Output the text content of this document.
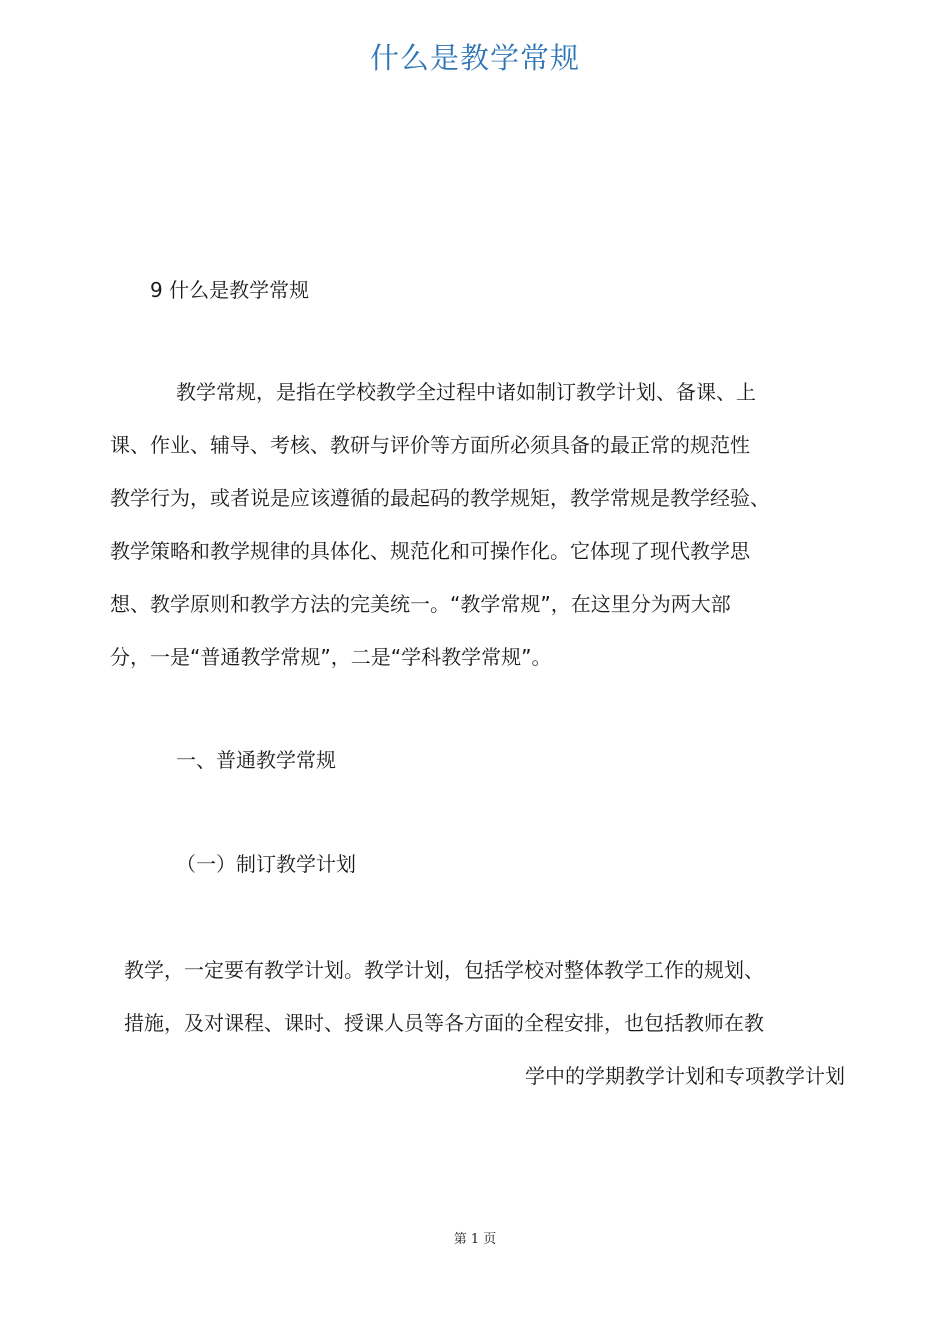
什么是教学常规

9 什么是教学常规

教学常规，是指在学校教学全过程中诸如制订教学计划、备课、上

课、作业、辅导、考核、教研与评价等方面所必须具备的最正常的规范性

教学行为，或者说是应该遵循的最起码的教学规矩，教学常规是教学经验、

教学策略和教学规律的具体化、规范化和可操作化。它体现了现代教学思

想、教学原则和教学方法的完美统一。“教学常规”，在这里分为两大部

分，一是“普通教学常规”，二是“学科教学常规”。

一、普通教学常规

（一）制订教学计划

教学，一定要有教学计划。教学计划，包括学校对整体教学工作的规划、

措施，及对课程、课时、授课人员等各方面的全程安排，也包括教师在教

学中的学期教学计划和专项教学计划

第 1 页
